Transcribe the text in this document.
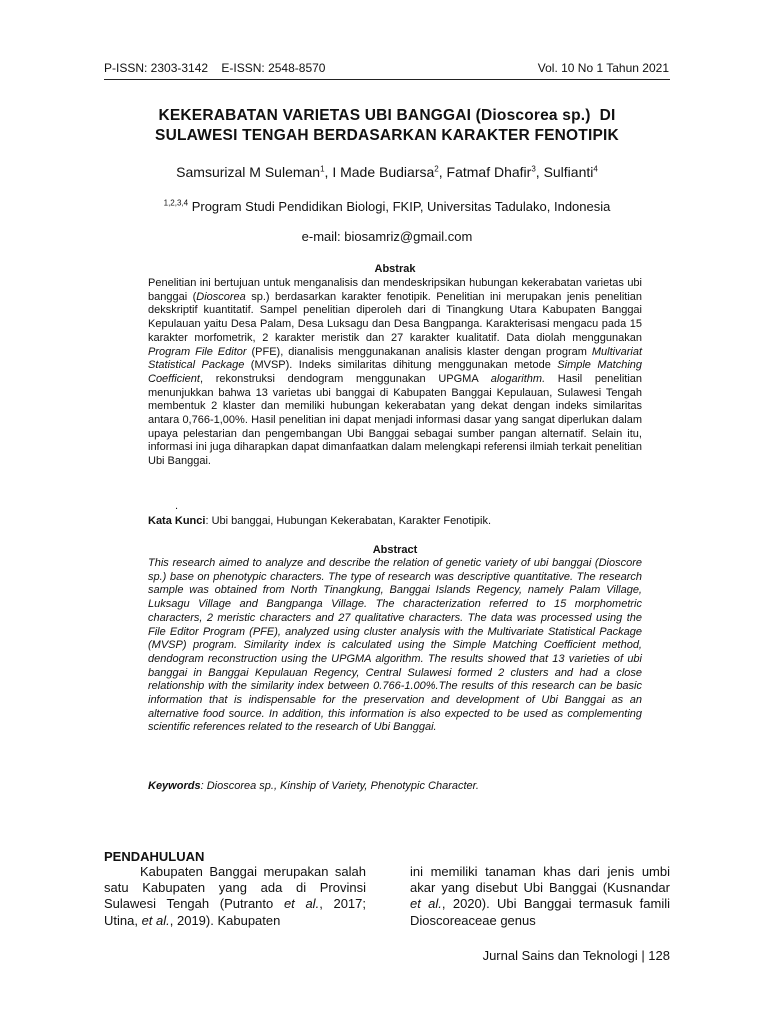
P-ISSN: 2303-3142    E-ISSN: 2548-8570	Vol. 10 No 1 Tahun 2021
KEKERABATAN VARIETAS UBI BANGGAI (Dioscorea sp.)  DI
SULAWESI TENGAH BERDASARKAN KARAKTER FENOTIPIK
Samsurizal M Suleman$^1$, I Made Budiarsa$^2$, Fatmaf Dhafir$^3$, Sulfianti$^4$
$^{1,2,3,4}$ Program Studi Pendidikan Biologi, FKIP, Universitas Tadulako, Indonesia
e-mail: biosamriz@gmail.com
Abstrak
Penelitian ini bertujuan untuk menganalisis dan mendeskripsikan hubungan kekerabatan varietas ubi banggai (Dioscorea sp.) berdasarkan karakter fenotipik. Penelitian ini merupakan jenis penelitian dekskriptif kuantitatif. Sampel penelitian diperoleh dari di Tinangkung Utara Kabupaten Banggai Kepulauan yaitu Desa Palam, Desa Luksagu dan Desa Bangpanga. Karakterisasi mengacu pada 15 karakter morfometrik, 2 karakter meristik dan 27 karakter kualitatif. Data diolah menggunakan Program File Editor (PFE), dianalisis menggunakanan analisis klaster dengan program Multivariat Statistical Package (MVSP). Indeks similaritas dihitung menggunakan metode Simple Matching Coefficient, rekonstruksi dendogram menggunakan UPGMA alogarithm. Hasil penelitian menunjukkan bahwa 13 varietas ubi banggai di Kabupaten Banggai Kepulauan, Sulawesi Tengah membentuk 2 klaster dan memiliki hubungan kekerabatan yang dekat dengan indeks similaritas antara 0,766-1,00%. Hasil penelitian ini dapat menjadi informasi dasar yang sangat diperlukan dalam upaya pelestarian dan pengembangan Ubi Banggai sebagai sumber pangan alternatif. Selain itu, informasi ini juga diharapkan dapat dimanfaatkan dalam melengkapi referensi ilmiah terkait penelitian Ubi Banggai.
.
Kata Kunci: Ubi banggai, Hubungan Kekerabatan, Karakter Fenotipik.
Abstract
This research aimed to analyze and describe the relation of genetic variety of ubi banggai (Dioscore sp.) base on phenotypic characters. The type of research was descriptive quantitative. The research sample was obtained from North Tinangkung, Banggai Islands Regency, namely Palam Village, Luksagu Village and Bangpanga Village. The characterization referred to 15 morphometric characters, 2 meristic characters and 27 qualitative characters. The data was processed using the File Editor Program (PFE), analyzed using cluster analysis with the Multivariate Statistical Package (MVSP) program. Similarity index is calculated using the Simple Matching Coefficient method, dendogram reconstruction using the UPGMA algorithm. The results showed that 13 varieties of ubi banggai in Banggai Kepulauan Regency, Central Sulawesi formed 2 clusters and had a close relationship with the similarity index between 0.766-1.00%.The results of this research can be basic information that is indispensable for the preservation and development of Ubi Banggai as an alternative food source. In addition, this information is also expected to be used as complementing scientific references related to the research of Ubi Banggai.
Keywords: Dioscorea sp., Kinship of Variety, Phenotypic Character.
PENDAHULUAN
Kabupaten Banggai merupakan salah satu Kabupaten yang ada di Provinsi Sulawesi Tengah (Putranto et al., 2017; Utina, et al., 2019). Kabupaten
ini memiliki tanaman khas dari jenis umbi akar yang disebut Ubi Banggai (Kusnandar et al., 2020). Ubi Banggai termasuk famili Dioscoreaceae genus
Jurnal Sains dan Teknologi | 128
